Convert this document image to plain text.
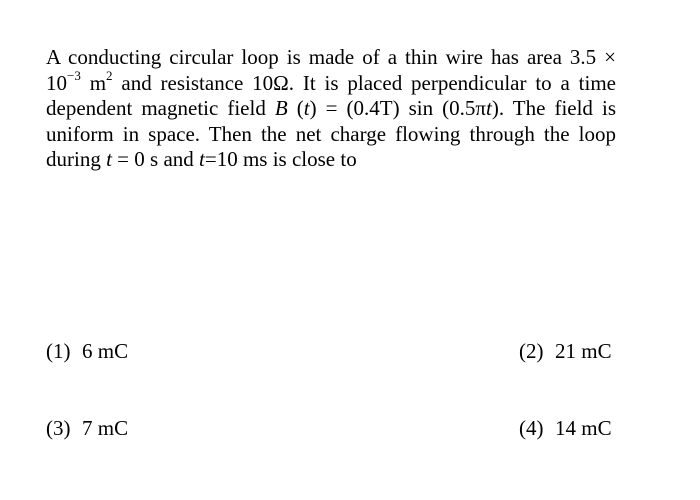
A conducting circular loop is made of a thin wire has area $3.5 \times 10^{-3}$ $m^2$ and resistance 10Ω. It is placed perpendicular to a time dependent magnetic field B (t) = (0.4T) sin (0.5πt). The field is uniform in space. Then the net charge flowing through the loop during t = 0 s and t=10 ms is close to

(1) 6 mC	(2) 21 mC
(3) 7 mC	(4) 14 mC
